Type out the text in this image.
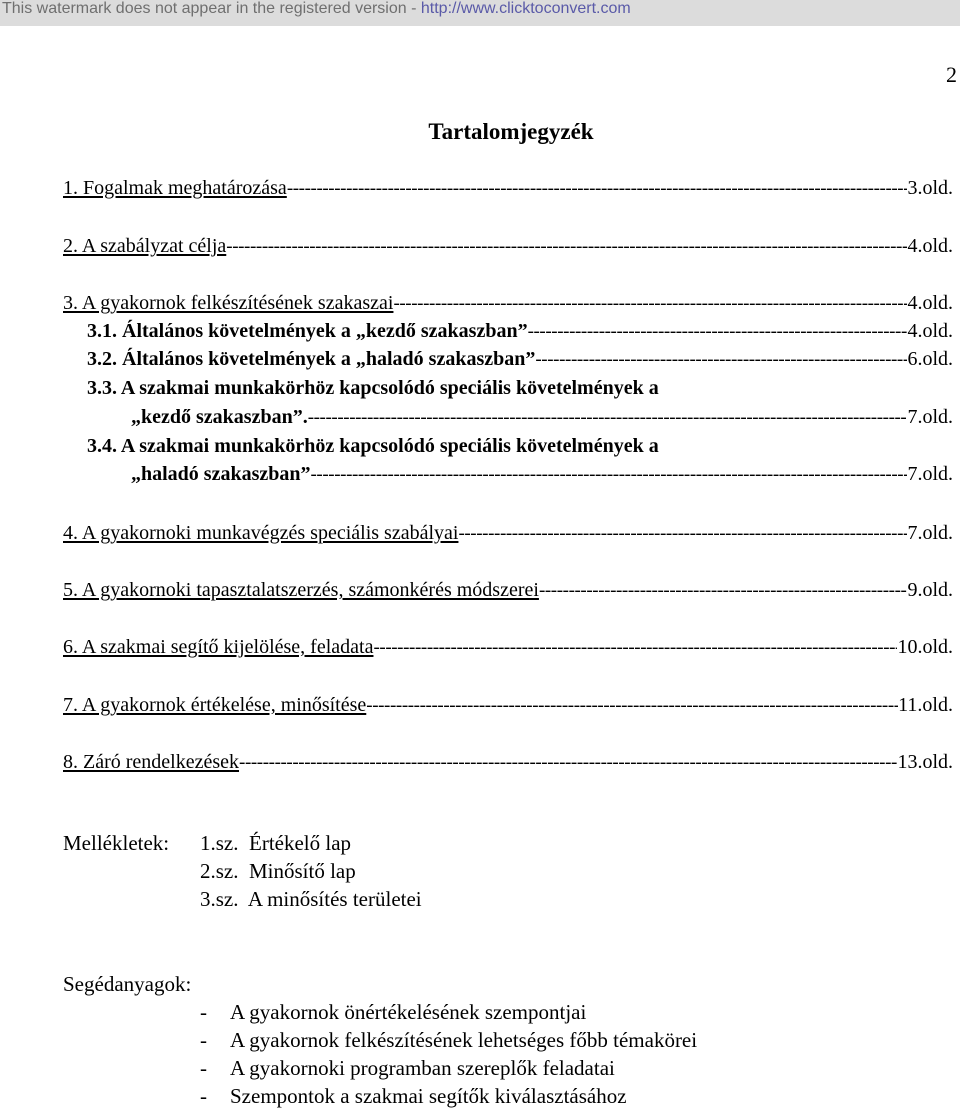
This watermark does not appear in the registered version - http://www.clicktoconvert.com
2
Tartalomjegyzék
1. Fogalmak meghatározása -----	3.old.
2. A szabályzat célja -----	4.old.
3. A gyakornok felkészítésének szakaszai -----	4.old.
3.1. Általános követelmények a „kezdő szakaszban” -----	4.old.
3.2. Általános követelmények a „haladó szakaszban” -----	6.old.
3.3. A szakmai munkakörhöz kapcsolódó speciális követelmények a
„kezdő szakaszban”. -----	7.old.
3.4. A szakmai munkakörhöz kapcsolódó speciális követelmények a
„haladó szakaszban” -----	7.old.
4. A gyakornoki munkavégzés speciális szabályai -----	7.old.
5. A gyakornoki tapasztalatszerzés, számonkérés módszerei -----	9.old.
6. A szakmai segítő kijelölése, feladata -----	10.old.
7. A gyakornok értékelése, minősítése -----	11.old.
8. Záró rendelkezések -----	13.old.
Mellékletek: 1.sz.  Értékelő lap
2.sz.  Minősítő lap
3.sz.  A minősítés területei
Segédanyagok:
- A gyakornok önértékelésének szempontjai
- A gyakornok felkészítésének lehetséges főbb témakörei
- A gyakornoki programban szereplők feladatai
- Szempontok a szakmai segítők kiválasztásához
